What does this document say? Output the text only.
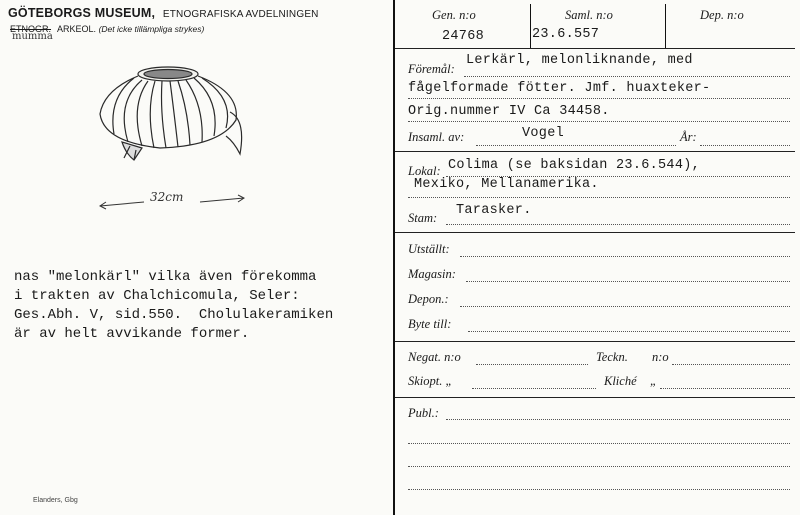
GÖTEBORGS MUSEUM, ETNOGRAFISKA AVDELNINGEN
ETNOGR. ARKEOL. (Det icke tillämpliga strykes)
mumma
32cm
nas "melonkärl" vilka även förekomma
i trakten av Chalchicomula, Seler:
Ges.Abh. V, sid.550.  Cholulakeramiken
är av helt avvikande former.
Elanders, Gbg
Gen. n:o	Saml. n:o	Dep. n:o
24768	23.6.557
Föremål:
Lerkärl, melonliknande, med
fågelformade fötter. Jmf. huaxteker-
Orig.nummer IV Ca 34458.
Insaml. av:	Vogel	År:
Lokal: Colima (se baksidan 23.6.544),
Mexiko, Mellanamerika.
Stam: Tarasker.
Utställt:
Magasin:
Depon.:
Byte till:
Negat. n:o	Teckn. n:o
Skiopt. „	Kliché „
Publ.:
